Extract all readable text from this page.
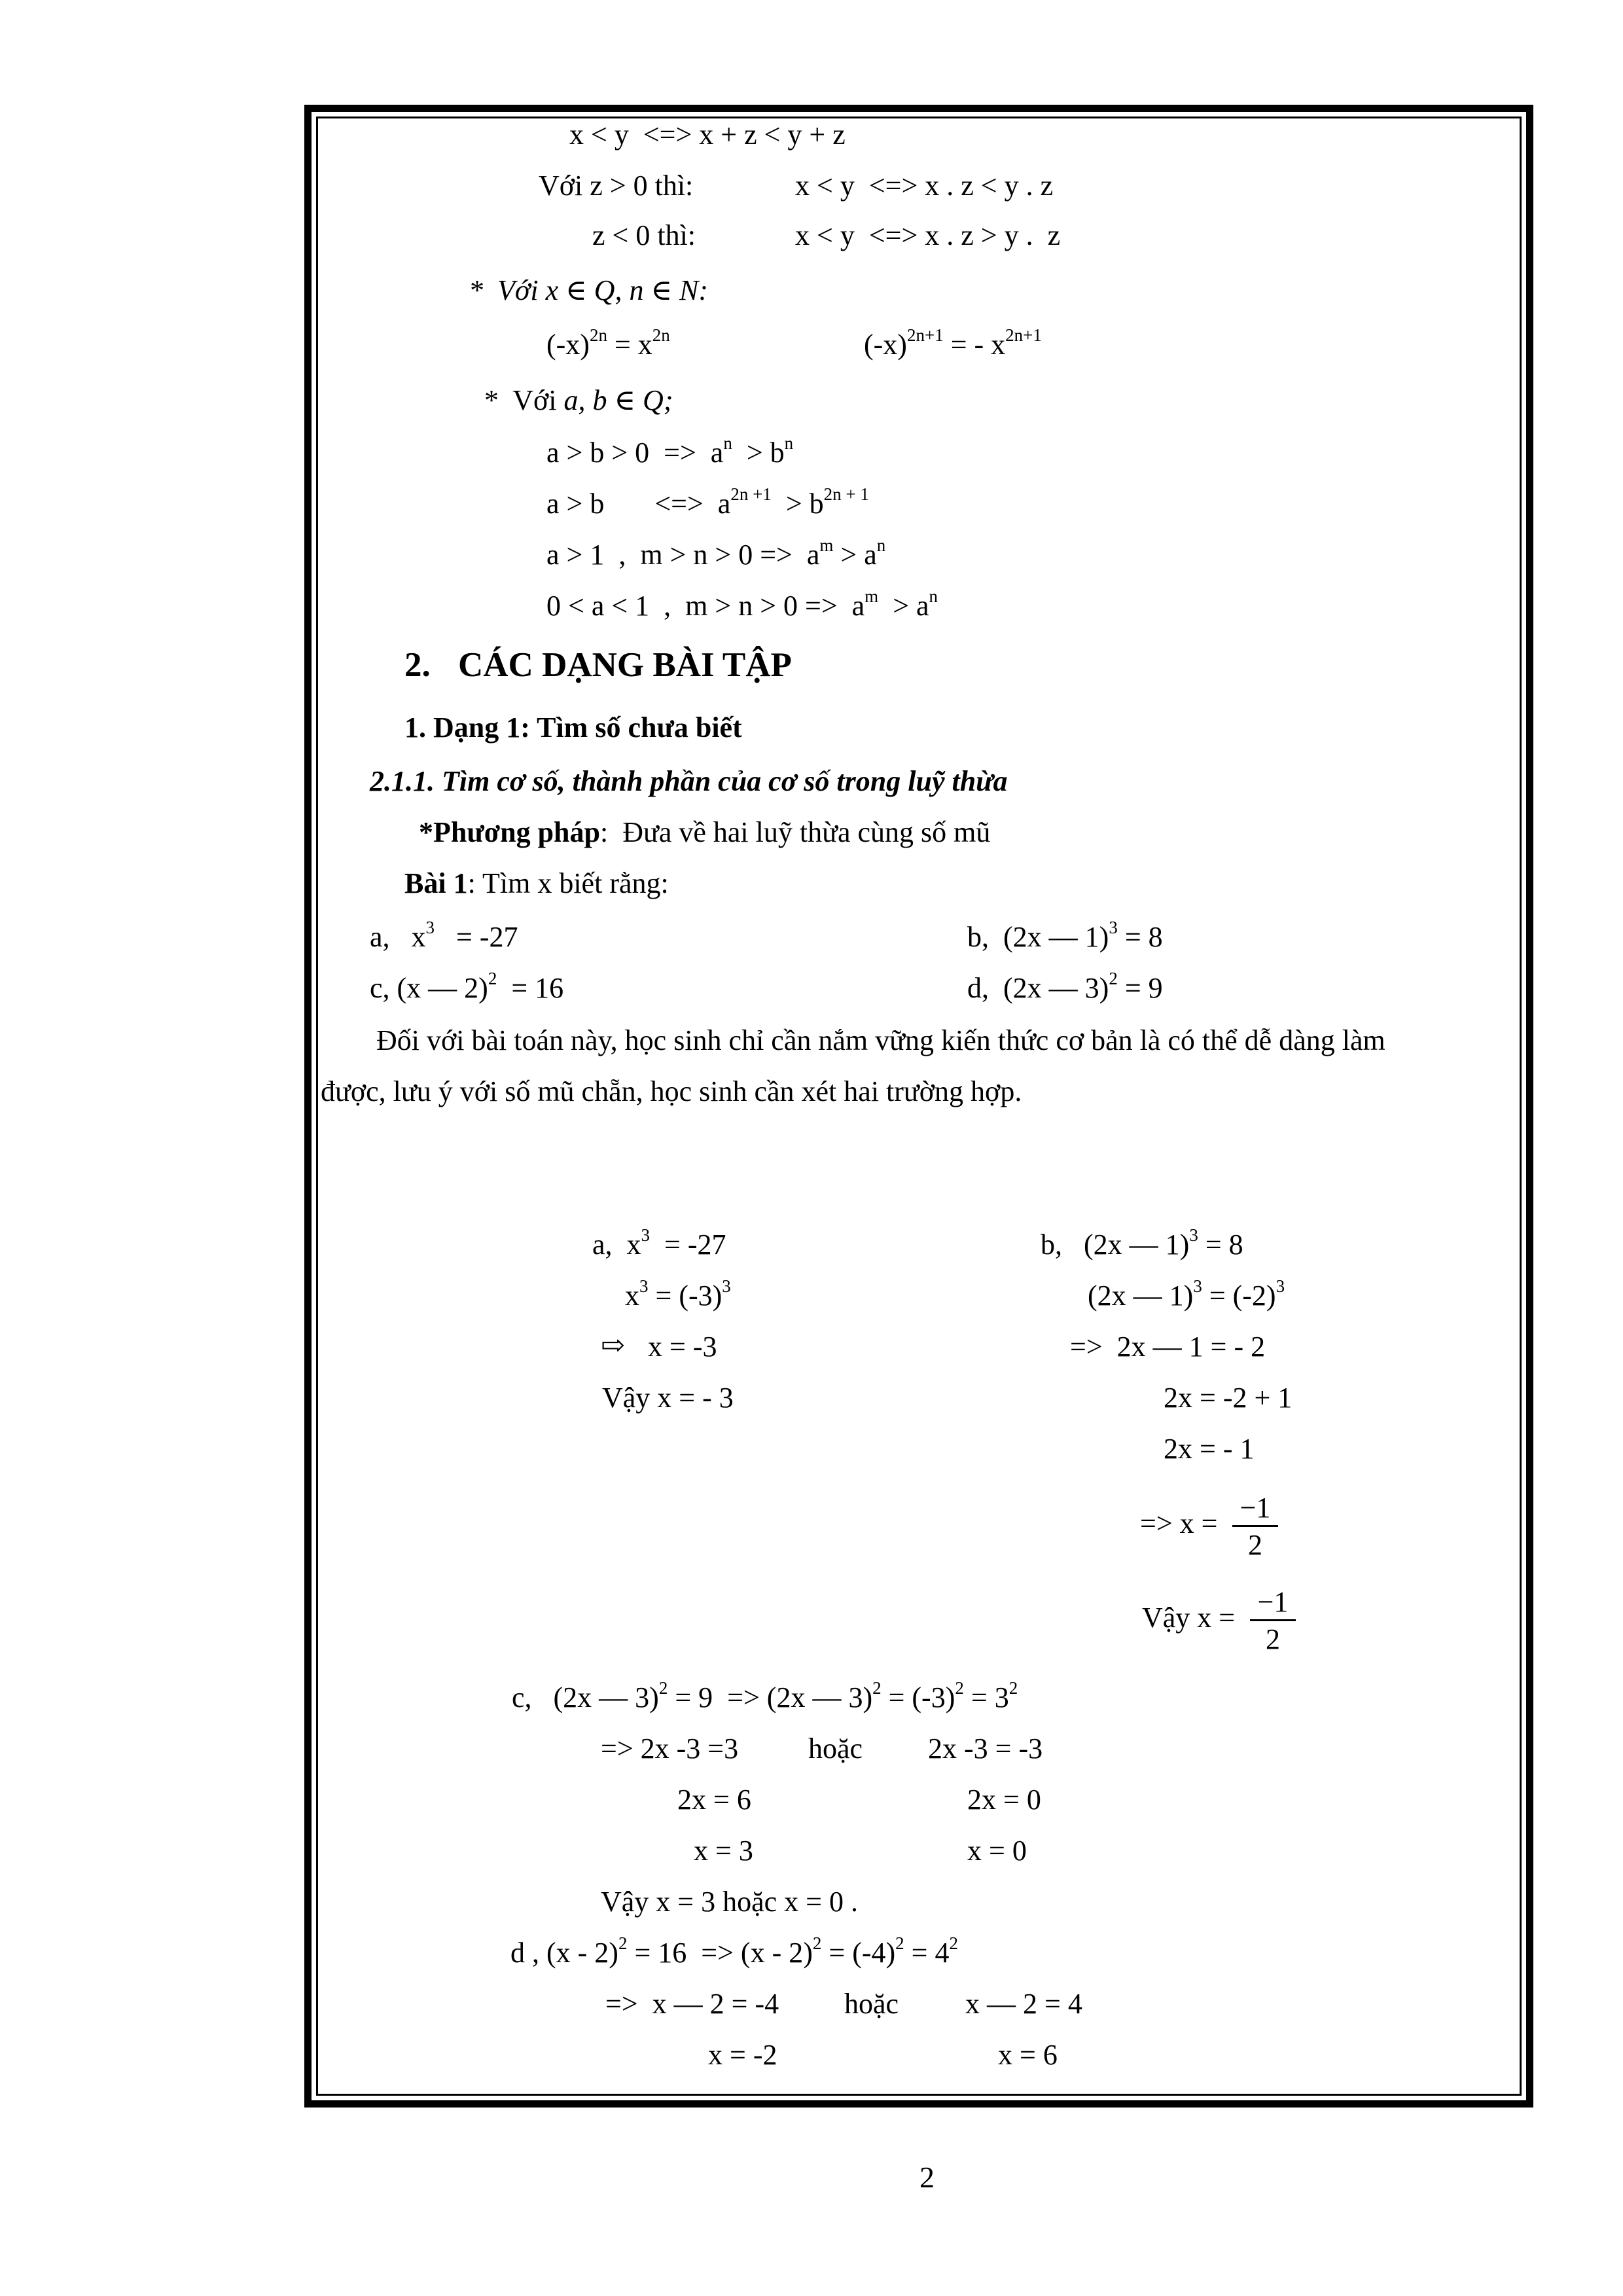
x < y  <=> x + z < y + z
Với z > 0 thì:	x < y  <=> x . z < y . z
z < 0 thì:	x < y  <=> x . z > y .  z
*  Với x ∈ Q, n ∈ N:
$(-x)^{2n} = x^{2n}$	$(-x)^{2n+1}$ = - $x^{2n+1}$
*  Với a, b ∈ Q;
$a > b > 0 => a^n > b^n$
a > b       <=>  $a^{2n +1} > b^{2n + 1}$
a > 1  ,  $m > n > 0 => a^m > a^n$
0 < a < 1  ,  $m > n > 0 => a^m > a^n$
2. CÁC DẠNG BÀI TẬP
1. Dạng 1: Tìm số chưa biết
2.1.1. Tìm cơ số, thành phần của cơ số trong luỹ thừa
*Phương pháp:  Đưa về hai luỹ thừa cùng số mũ
Bài 1: Tìm x biết rằng:
a,   $x^3 = -27$	b,  (2x — 1)$^3$ = 8
c, (x — 2)$^2$  = 16	d,  (2x — 3)$^2$ = 9
Đối với bài toán này, học sinh chỉ cần nắm vững kiến thức cơ bản là có thể dễ dàng làm
được, lưu ý với số mũ chẵn, học sinh cần xét hai trường hợp.
a,  $x^3 = -27$
$x^3 = (-3)^3$
⇨ x = -3
Vậy x = - 3
b,   (2x — 1)$^3$ = 8
(2x — $1)^3 = (-2)^3$
=>  2x — 1 = - 2
2x = -2 + 1
2x = - 1
=> $x = \frac{-1}{2}$
Vậy $x = \frac{-1}{2}$
c,   (2x — 3)$^2$ = 9  => (2x — $3)^2 = (-3)^2 = 3^2$
=> 2x -3 =3 hoặc 2x -3 = -3
2x = 6	2x = 0
x = 3	x = 0
Vậy x = 3 hoặc x = 0 .
d , $(x - 2)^2 = 16 => (x - 2)^2 = (-4)^2 = 4^2$
=>  x — 2 = -4 hoặc x — 2 = 4
x = -2	x = 6
2
